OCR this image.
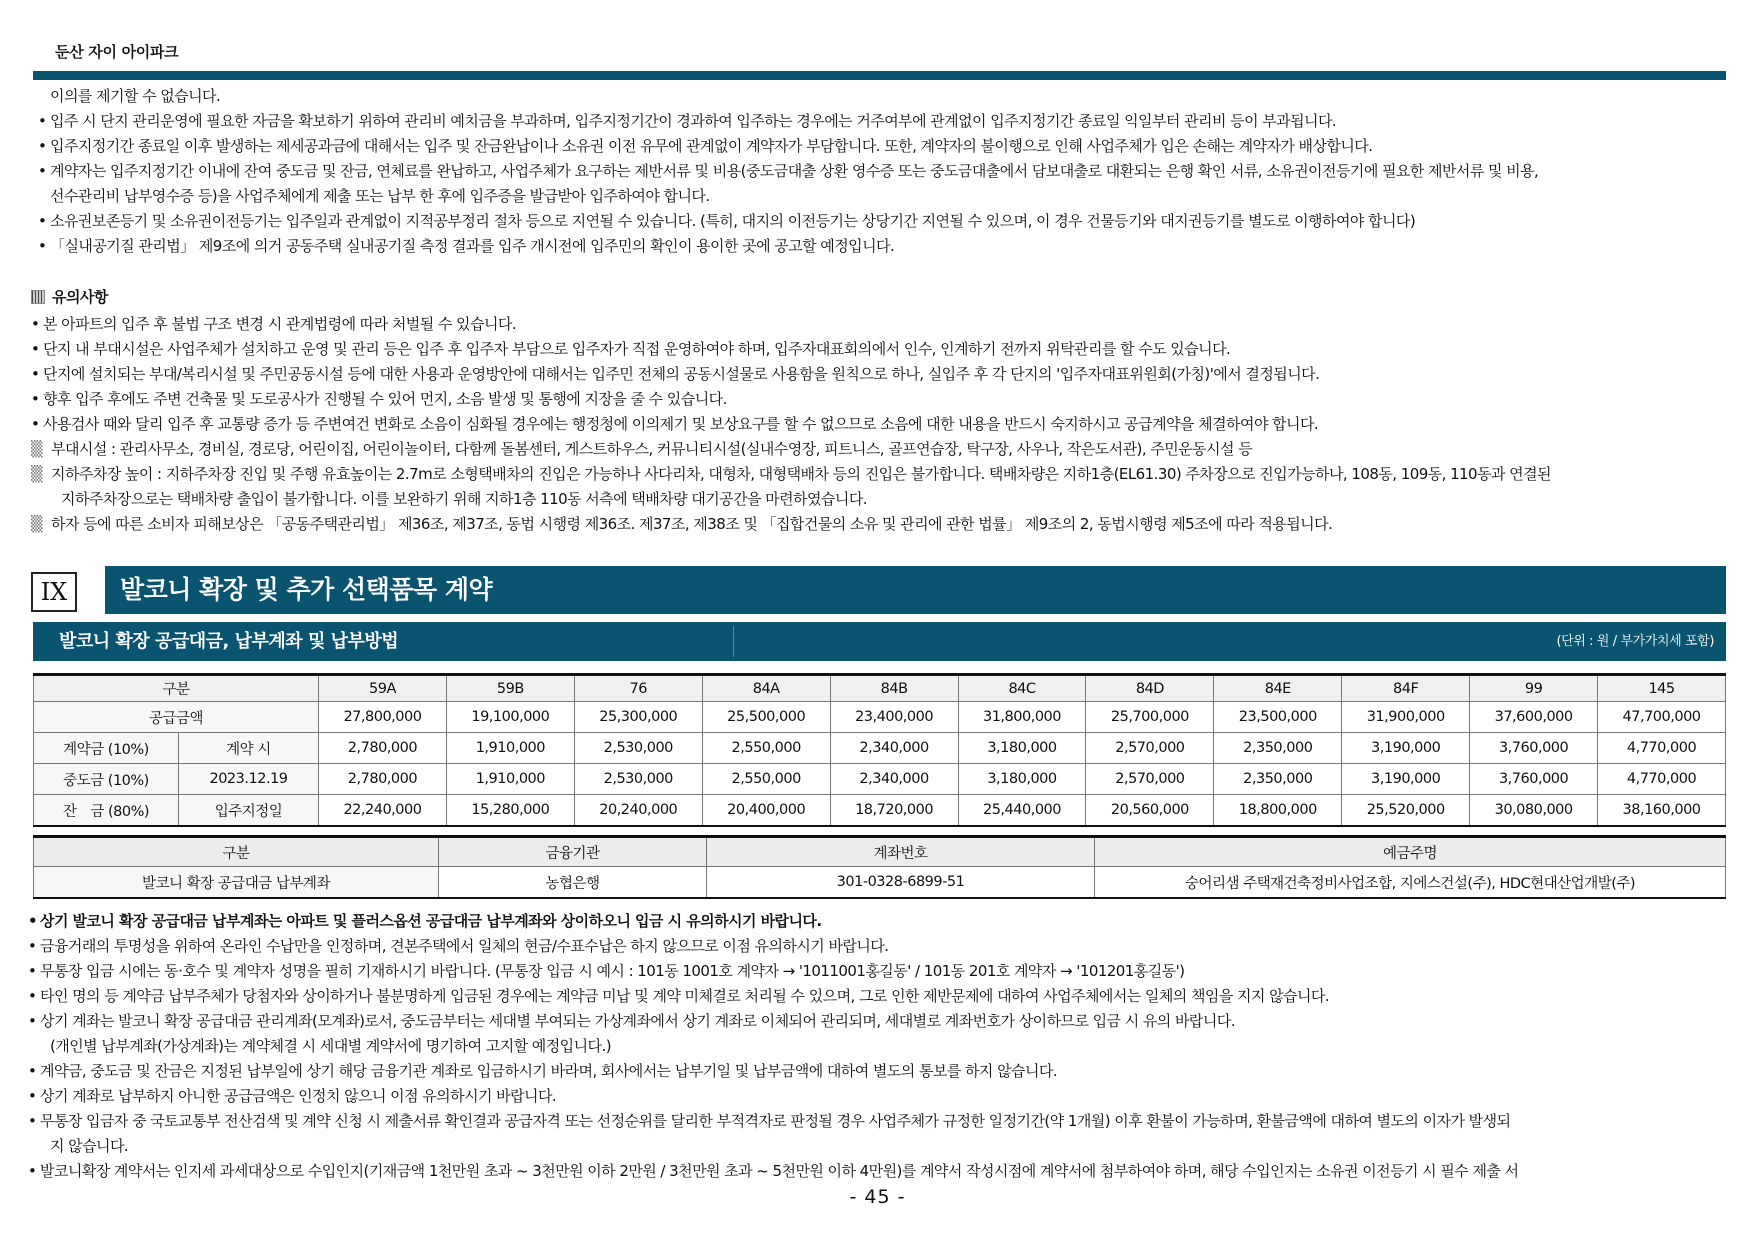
둔산 자이 아이파크
이의를 제기할 수 없습니다.
• 입주 시 단지 관리운영에 필요한 자금을 확보하기 위하여 관리비 예치금을 부과하며, 입주지정기간이 경과하여 입주하는 경우에는 거주여부에 관계없이 입주지정기간 종료일 익일부터 관리비 등이 부과됩니다.
• 입주지정기간 종료일 이후 발생하는 제세공과금에 대해서는 입주 및 잔금완납이나 소유권 이전 유무에 관계없이 계약자가 부담합니다. 또한, 계약자의 불이행으로 인해 사업주체가 입은 손해는 계약자가 배상합니다.
• 계약자는 입주지정기간 이내에 잔여 중도금 및 잔금, 연체료를 완납하고, 사업주체가 요구하는 제반서류 및 비용(중도금대출 상환 영수증 또는 중도금대출에서 담보대출로 대환되는 은행 확인 서류, 소유권이전등기에 필요한 제반서류 및 비용,
선수관리비 납부영수증 등)을 사업주체에게 제출 또는 납부 한 후에 입주증을 발급받아 입주하여야 합니다.
• 소유권보존등기 및 소유권이전등기는 입주일과 관계없이 지적공부정리 절차 등으로 지연될 수 있습니다. (특히, 대지의 이전등기는 상당기간 지연될 수 있으며, 이 경우 건물등기와 대지권등기를 별도로 이행하여야 합니다)
• 「실내공기질 관리법」 제9조에 의거 공동주택 실내공기질 측정 결과를 입주 개시전에 입주민의 확인이 용이한 곳에 공고할 예정입니다.
유의사항
• 본 아파트의 입주 후 불법 구조 변경 시 관계법령에 따라 처벌될 수 있습니다.
• 단지 내 부대시설은 사업주체가 설치하고 운영 및 관리 등은 입주 후 입주자 부담으로 입주자가 직접 운영하여야 하며, 입주자대표회의에서 인수, 인계하기 전까지 위탁관리를 할 수도 있습니다.
• 단지에 설치되는 부대/복리시설 및 주민공동시설 등에 대한 사용과 운영방안에 대해서는 입주민 전체의 공동시설물로 사용함을 원칙으로 하나, 실입주 후 각 단지의 '입주자대표위원회(가칭)'에서 결정됩니다.
• 향후 입주 후에도 주변 건축물 및 도로공사가 진행될 수 있어 먼지, 소음 발생 및 통행에 지장을 줄 수 있습니다.
• 사용검사 때와 달리 입주 후 교통량 증가 등 주변여건 변화로 소음이 심화될 경우에는 행정청에 이의제기 및 보상요구를 할 수 없으므로 소음에 대한 내용을 반드시 숙지하시고 공급계약을 체결하여야 합니다.
▒ 부대시설 : 관리사무소, 경비실, 경로당, 어린이집, 어린이놀이터, 다함께 돌봄센터, 게스트하우스, 커뮤니티시설(실내수영장, 피트니스, 골프연습장, 탁구장, 사우나, 작은도서관), 주민운동시설 등
▒ 지하주차장 높이 : 지하주차장 진입 및 주행 유효높이는 2.7m로 소형택배차의 진입은 가능하나 사다리차, 대형차, 대형택배차 등의 진입은 불가합니다. 택배차량은 지하1층(EL61.30) 주차장으로 진입가능하나, 108동, 109동, 110동과 연결된
지하주차장으로는 택배차량 출입이 불가합니다. 이를 보완하기 위해 지하1층 110동 서측에 택배차량 대기공간을 마련하였습니다.
▒ 하자 등에 따른 소비자 피해보상은 「공동주택관리법」 제36조, 제37조, 동법 시행령 제36조. 제37조, 제38조 및 「집합건물의 소유 및 관리에 관한 법률」 제9조의 2, 동법시행령 제5조에 따라 적용됩니다.
IX	발코니 확장 및 추가 선택품목 계약
발코니 확장 공급대금, 납부계좌 및 납부방법	(단위 : 원 / 부가가치세 포함)
구분		59A	59B	76	84A	84B	84C	84D	84E	84F	99	145
공급금액		27,800,000	19,100,000	25,300,000	25,500,000	23,400,000	31,800,000	25,700,000	23,500,000	31,900,000	37,600,000	47,700,000
계약금 (10%)	계약 시	2,780,000	1,910,000	2,530,000	2,550,000	2,340,000	3,180,000	2,570,000	2,350,000	3,190,000	3,760,000	4,770,000
중도금 (10%)	2023.12.19	2,780,000	1,910,000	2,530,000	2,550,000	2,340,000	3,180,000	2,570,000	2,350,000	3,190,000	3,760,000	4,770,000
잔　금 (80%)	입주지정일	22,240,000	15,280,000	20,240,000	20,400,000	18,720,000	25,440,000	20,560,000	18,800,000	25,520,000	30,080,000	38,160,000
구분	금융기관	계좌번호	예금주명
발코니 확장 공급대금 납부계좌	농협은행	301-0328-6899-51	숭어리샘 주택재건축정비사업조합, 지에스건설(주), HDC현대산업개발(주)
• 상기 발코니 확장 공급대금 납부계좌는 아파트 및 플러스옵션 공급대금 납부계좌와 상이하오니 입금 시 유의하시기 바랍니다.
• 금융거래의 투명성을 위하여 온라인 수납만을 인정하며, 견본주택에서 일체의 현금/수표수납은 하지 않으므로 이점 유의하시기 바랍니다.
• 무통장 입금 시에는 동·호수 및 계약자 성명을 필히 기재하시기 바랍니다. (무통장 입금 시 예시 : 101동 1001호 계약자 → '1011001홍길동' / 101동 201호 계약자 → '101201홍길동')
• 타인 명의 등 계약금 납부주체가 당첨자와 상이하거나 불분명하게 입금된 경우에는 계약금 미납 및 계약 미체결로 처리될 수 있으며, 그로 인한 제반문제에 대하여 사업주체에서는 일체의 책임을 지지 않습니다.
• 상기 계좌는 발코니 확장 공급대금 관리계좌(모계좌)로서, 중도금부터는 세대별 부여되는 가상계좌에서 상기 계좌로 이체되어 관리되며, 세대별로 계좌번호가 상이하므로 입금 시 유의 바랍니다.
(개인별 납부계좌(가상계좌)는 계약체결 시 세대별 계약서에 명기하여 고지할 예정입니다.)
• 계약금, 중도금 및 잔금은 지정된 납부일에 상기 해당 금융기관 계좌로 입금하시기 바라며, 회사에서는 납부기일 및 납부금액에 대하여 별도의 통보를 하지 않습니다.
• 상기 계좌로 납부하지 아니한 공급금액은 인정치 않으니 이점 유의하시기 바랍니다.
• 무통장 입금자 중 국토교통부 전산검색 및 계약 신청 시 제출서류 확인결과 공급자격 또는 선정순위를 달리한 부적격자로 판정될 경우 사업주체가 규정한 일정기간(약 1개월) 이후 환불이 가능하며, 환불금액에 대하여 별도의 이자가 발생되
지 않습니다.
• 발코니확장 계약서는 인지세 과세대상으로 수입인지(기재금액 1천만원 초과 ~ 3천만원 이하 2만원 / 3천만원 초과 ~ 5천만원 이하 4만원)를 계약서 작성시점에 계약서에 첨부하여야 하며, 해당 수입인지는 소유권 이전등기 시 필수 제출 서
- 45 -
